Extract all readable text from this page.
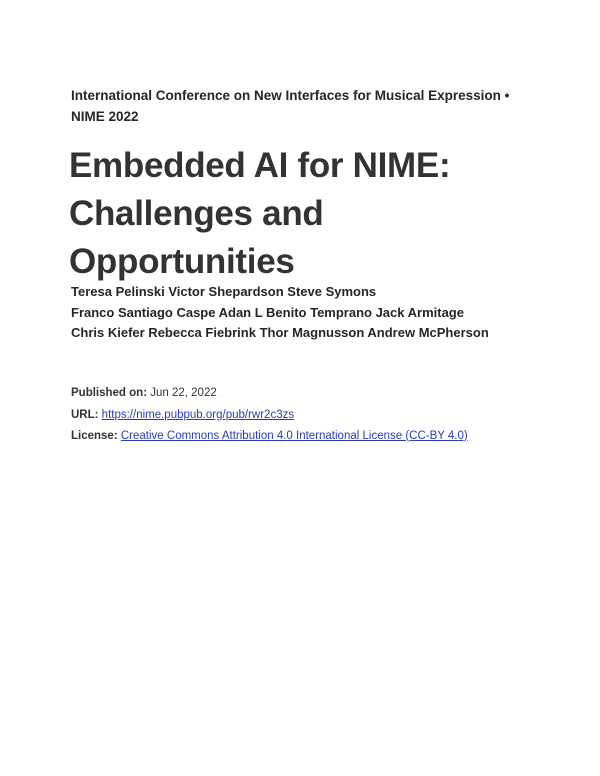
International Conference on New Interfaces for Musical Expression • NIME 2022
Embedded AI for NIME:
Challenges and
Opportunities
Teresa Pelinski Victor Shepardson Steve Symons
Franco Santiago Caspe Adan L Benito Temprano Jack Armitage
Chris Kiefer Rebecca Fiebrink Thor Magnusson Andrew McPherson
Published on: Jun 22, 2022
URL: https://nime.pubpub.org/pub/rwr2c3zs
License: Creative Commons Attribution 4.0 International License (CC-BY 4.0)
